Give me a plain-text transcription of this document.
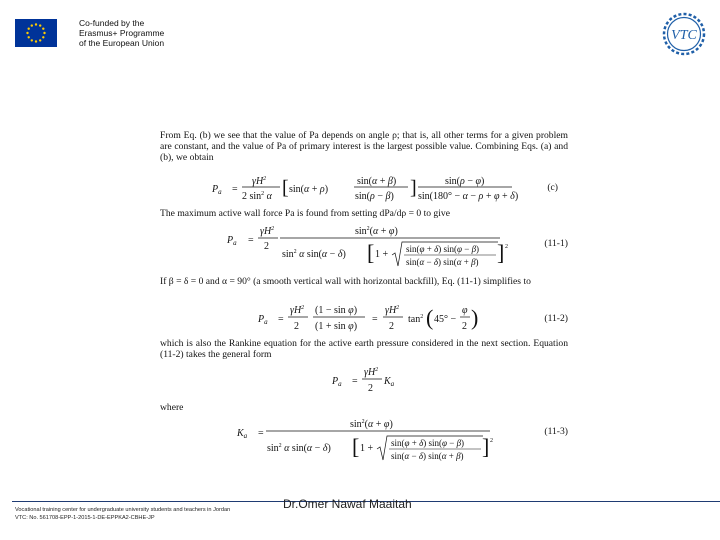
Co-funded by the
Erasmus+ Programme
of the European Union	VTC
From Eq. (b) we see that the value of Pa depends on angle ρ; that is, all other terms for a given problem are constant, and the value of Pa of primary interest is the largest possible value. Combining Eqs. (a) and (b), we obtain
$P_a$ =
$\gamma H^2$
2 $\sin^2 \alpha$ [ sin(α + ρ)
sin(α + β)
sin(ρ − β) ]	sin(ρ − φ)
sin(180° − α − ρ + φ + δ)
(c)
The maximum active wall force Pa is found from setting dPa/dρ = 0 to give
$P_a$ =
$\gamma H^2$
2
$\sin^2(\alpha + \varphi)$
$\sin^2 \alpha$ sin(α − δ) [ 1 + sin(φ + δ) sin(φ − β)
sin(α − δ) sin(α + β) ] 2	(11-1)
If β = δ = 0 and α = 90° (a smooth vertical wall with horizontal backfill), Eq. (11-1) simplifies to
$P_a$ =
$\gamma H^2$
2
(1 − sin φ)
(1 + sin φ)
=
$\gamma H^2$
2
$\tan^2$ ( 45° −
φ
2 )	(11-2)
which is also the Rankine equation for the active earth pressure considered in the next section. Equation (11-2) takes the general form
$P_a$ =
$\gamma H^2$
2
$K_a$
where
$K_a$ =
$\sin^2(\alpha + \varphi)$
$\sin^2 \alpha$ sin(α − δ) [ 1 + sin(φ + δ) sin(φ − β)
sin(α − δ) sin(α + β) ] 2
(11-3)
Dr.Omer Nawaf Maaitah
Vocational training center for undergraduate university students and teachers in Jordan
VTC: No. 561708-EPP-1-2015-1-DE-EPPKA2-CBHE-JP
